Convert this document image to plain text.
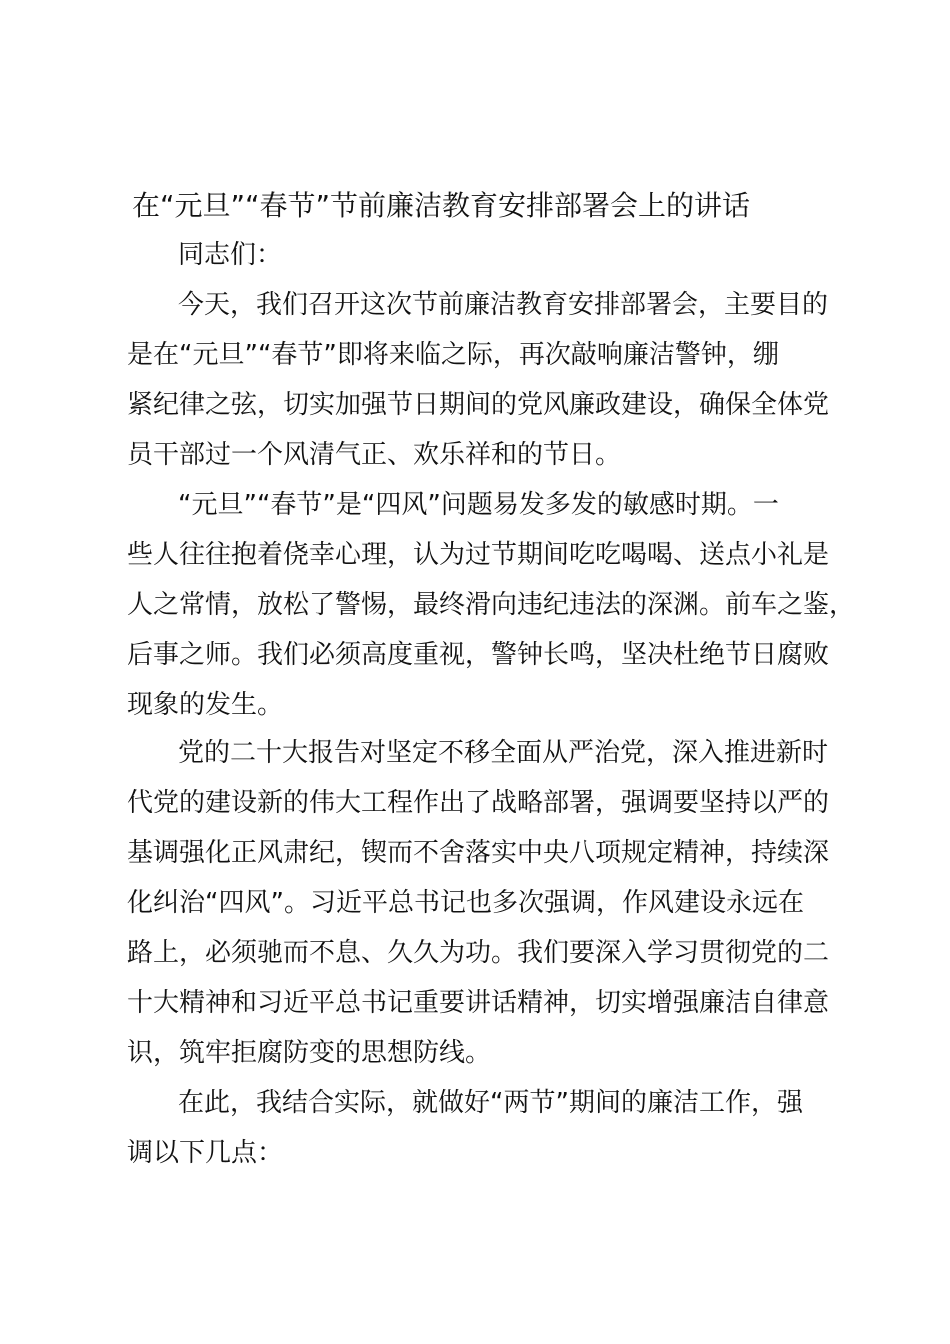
在“元旦”“春节”节前廉洁教育安排部署会上的讲话
同志们：
今天，我们召开这次节前廉洁教育安排部署会，主要目的
是在“元旦”“春节”即将来临之际，再次敲响廉洁警钟，绷
紧纪律之弦，切实加强节日期间的党风廉政建设，确保全体党
员干部过一个风清气正、欢乐祥和的节日。
“元旦”“春节”是“四风”问题易发多发的敏感时期。一
些人往往抱着侥幸心理，认为过节期间吃吃喝喝、送点小礼是
人之常情，放松了警惕，最终滑向违纪违法的深渊。前车之鉴，
后事之师。我们必须高度重视，警钟长鸣，坚决杜绝节日腐败
现象的发生。
党的二十大报告对坚定不移全面从严治党，深入推进新时
代党的建设新的伟大工程作出了战略部署，强调要坚持以严的
基调强化正风肃纪，锲而不舍落实中央八项规定精神，持续深
化纠治“四风”。习近平总书记也多次强调，作风建设永远在
路上，必须驰而不息、久久为功。我们要深入学习贯彻党的二
十大精神和习近平总书记重要讲话精神，切实增强廉洁自律意
识，筑牢拒腐防变的思想防线。
在此，我结合实际，就做好“两节”期间的廉洁工作，强
调以下几点：
